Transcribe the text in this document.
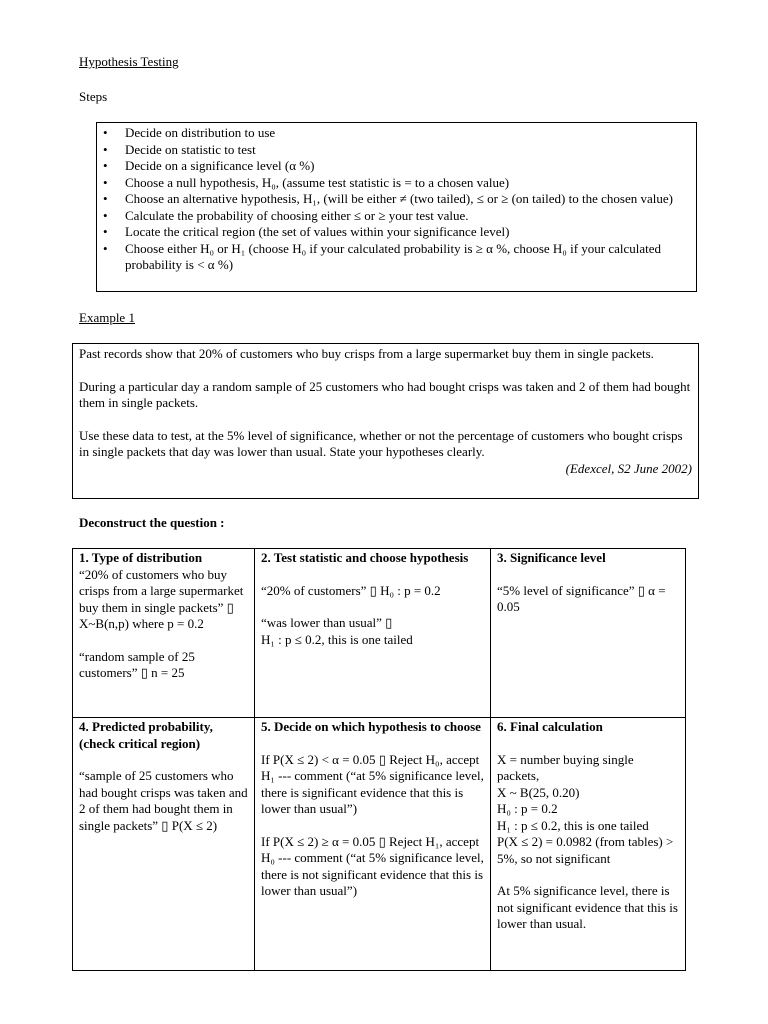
Hypothesis Testing
Steps
• Decide on distribution to use
• Decide on statistic to test
• Decide on a significance level (α %)
• Choose a null hypothesis, H₀, (assume test statistic is = to a chosen value)
• Choose an alternative hypothesis, H₁, (will be either ≠ (two tailed), ≤ or ≥ (on tailed) to the chosen value)
• Calculate the probability of choosing either ≤ or ≥ your test value.
• Locate the critical region (the set of values within your significance level)
• Choose either H₀ or H₁ (choose H₀ if your calculated probability is ≥ α %, choose H₀ if your calculated probability is < α %)
Example 1

Past records show that 20% of customers who buy crisps from a large supermarket buy them in single packets.

During a particular day a random sample of 25 customers who had bought crisps was taken and 2 of them had bought them in single packets.

Use these data to test, at the 5% level of significance, whether or not the percentage of customers who bought crisps in single packets that day was lower than usual. State your hypotheses clearly.

(Edexcel, S2 June 2002)
Deconstruct the question :
1. Type of distribution

“20% of customers who buy crisps from a large supermarket buy them in single packets” ▯

X~B(n,p) where p = 0.2

“random sample of 25 customers” ▯ n = 25

2. Test statistic and choose hypothesis

“20% of customers” ▯ H₀ : p = 0.2

“was lower than usual” ▯

H₁ : p ≤ 0.2, this is one tailed

3. Significance level

“5% level of significance” ▯ α = 0.05

4. Predicted probability, (check critical region)

“sample of 25 customers who had bought crisps was taken and 2 of them had bought them in single packets” ▯ P(X ≤ 2)

5. Decide on which hypothesis to choose

If P(X ≤ 2) < α = 0.05 ▯ Reject H₀, accept H₁ --- comment (“at 5% significance level, there is significant evidence that this is lower than usual”)

If P(X ≤ 2) ≥ α = 0.05 ▯ Reject H₁, accept H₀ --- comment (“at 5% significance level, there is not significant evidence that this is lower than usual”)

6. Final calculation

X = number buying single packets,

X ~ B(25, 0.20)

H₀ : p = 0.2

H₁ : p ≤ 0.2, this is one tailed

P(X ≤ 2) = 0.0982 (from tables) > 5%, so not significant

At 5% significance level, there is not significant evidence that this is lower than usual.
